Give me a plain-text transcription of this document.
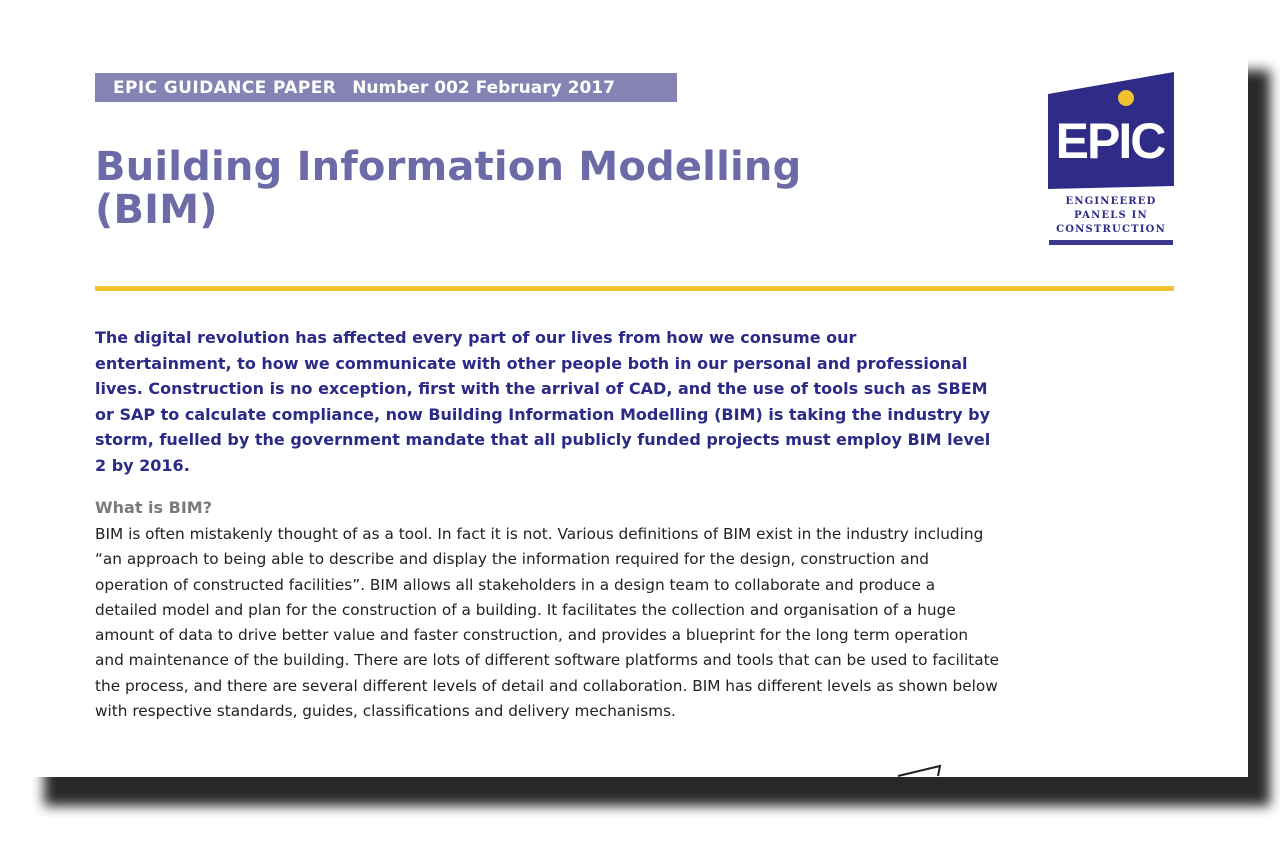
EPIC GUIDANCE PAPER Number 002 February 2017
Building Information Modelling
(BIM)
EPIC
ENGINEERED
PANELS IN
CONSTRUCTION

The digital revolution has affected every part of our lives from how we consume our entertainment, to how we communicate with other people both in our personal and professional lives. Construction is no exception, first with the arrival of CAD, and the use of tools such as SBEM or SAP to calculate compliance, now Building Information Modelling (BIM) is taking the industry by storm, fuelled by the government mandate that all publicly funded projects must employ BIM level 2 by 2016.

What is BIM?

BIM is often mistakenly thought of as a tool. In fact it is not. Various definitions of BIM exist in the industry including “an approach to being able to describe and display the information required for the design, construction and operation of constructed facilities”. BIM allows all stakeholders in a design team to collaborate and produce a detailed model and plan for the construction of a building. It facilitates the collection and organisation of a huge amount of data to drive better value and faster construction, and provides a blueprint for the long term operation and maintenance of the building. There are lots of different software platforms and tools that can be used to facilitate the process, and there are several different levels of detail and collaboration. BIM has different levels as shown below with respective standards, guides, classifications and delivery mechanisms.
